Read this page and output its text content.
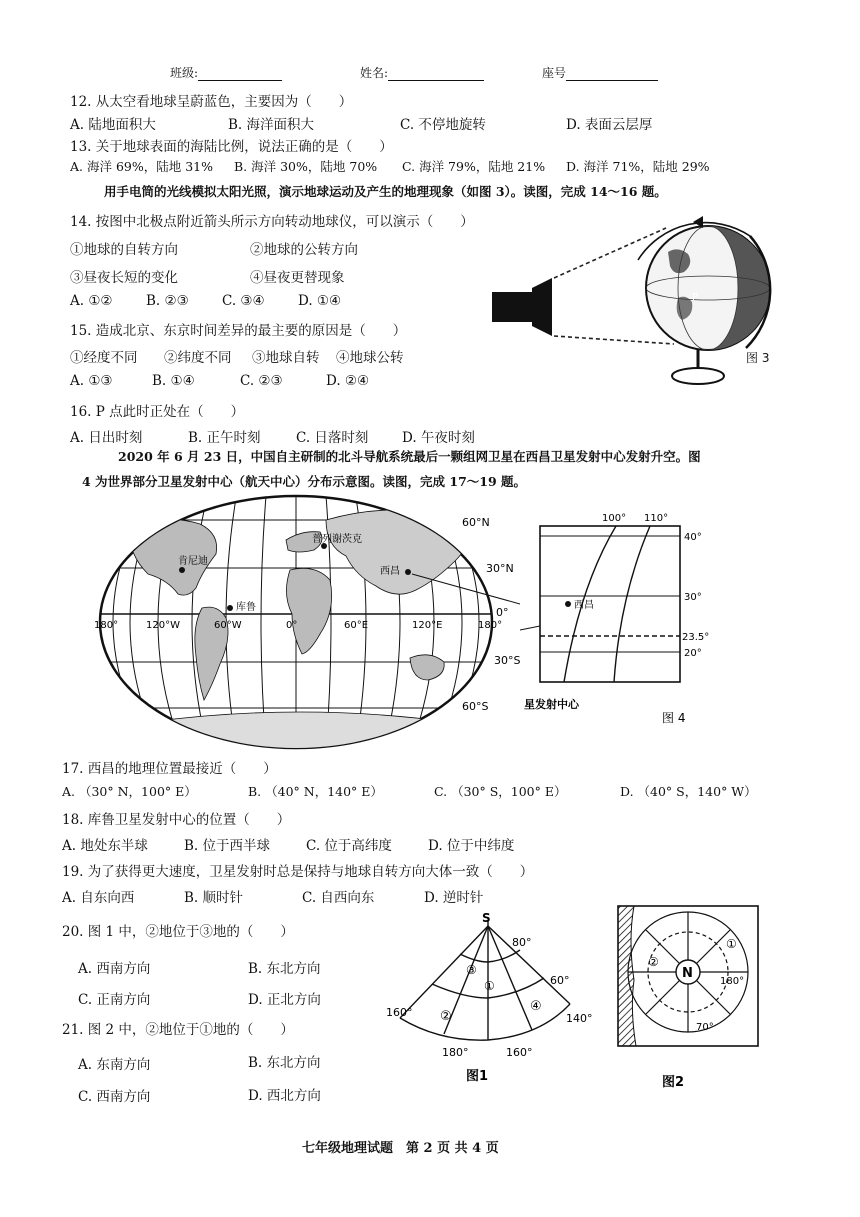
班级:	姓名:	座号
12. 从太空看地球呈蔚蓝色，主要因为（　　）
A. 陆地面积大	B. 海洋面积大	C. 不停地旋转	D. 表面云层厚
13. 关于地球表面的海陆比例，说法正确的是（　　）
A. 海洋 69%，陆地 31% B. 海洋 30%，陆地 70% C. 海洋 79%，陆地 21% D. 海洋 71%，陆地 29%
用手电筒的光线模拟太阳光照，演示地球运动及产生的地理现象（如图 3）。读图，完成 14～16 题。
14. 按图中北极点附近箭头所示方向转动地球仪，可以演示（　　）
①地球的自转方向	②地球的公转方向
③昼夜长短的变化	④昼夜更替现象
A. ①② B. ②③ C. ③④ D. ①④
15. 造成北京、东京时间差异的最主要的原因是（　　）
①经度不同 ②纬度不同 ③地球自转 ④地球公转
A. ①③	B. ①④	C. ②③	D. ②④
16. P 点此时正处在（　　）
A. 日出时刻	B. 正午时刻	C. 日落时刻 D. 午夜时刻
P
图 3
2020 年 6 月 23 日，中国自主研制的北斗导航系统最后一颗组网卫星在西昌卫星发射中心发射升空。图
4 为世界部分卫星发射中心（航天中心）分布示意图。读图，完成 17～19 题。
肯尼迪
库鲁
普列谢茨克
西昌
60°N
30°N
0°
30°S
60°S
180°	120°W	60°W	0°	60°E	120°E	180°
西昌
100° 110°
40°
30°
23.5°
20°
星发射中心
图 4
17. 西昌的地理位置最接近（　　）
A. （30° N，100° E）	B. （40° N，140° E）	C. （30° S，100° E）	D. （40° S，140° W）
18. 库鲁卫星发射中心的位置（　　）
A. 地处东半球	B. 位于西半球	C. 位于高纬度	D. 位于中纬度
19. 为了获得更大速度，卫星发射时总是保持与地球自转方向大体一致（　　）
A. 自东向西	B. 顺时针	C. 自西向东	D. 逆时针
20. 图 1 中，②地位于③地的（　　）
A. 西南方向	B. 东北方向
C. 正南方向	D. 正北方向
21. 图 2 中，②地位于①地的（　　）
A. 东南方向	B. 东北方向
C. 西南方向	D. 西北方向
S
80°
60°
160°	140°
180°	160°
③
①
②
④
图1
N
180°
70°
①
②
图2
七年级地理试题　第 2 页 共 4 页
